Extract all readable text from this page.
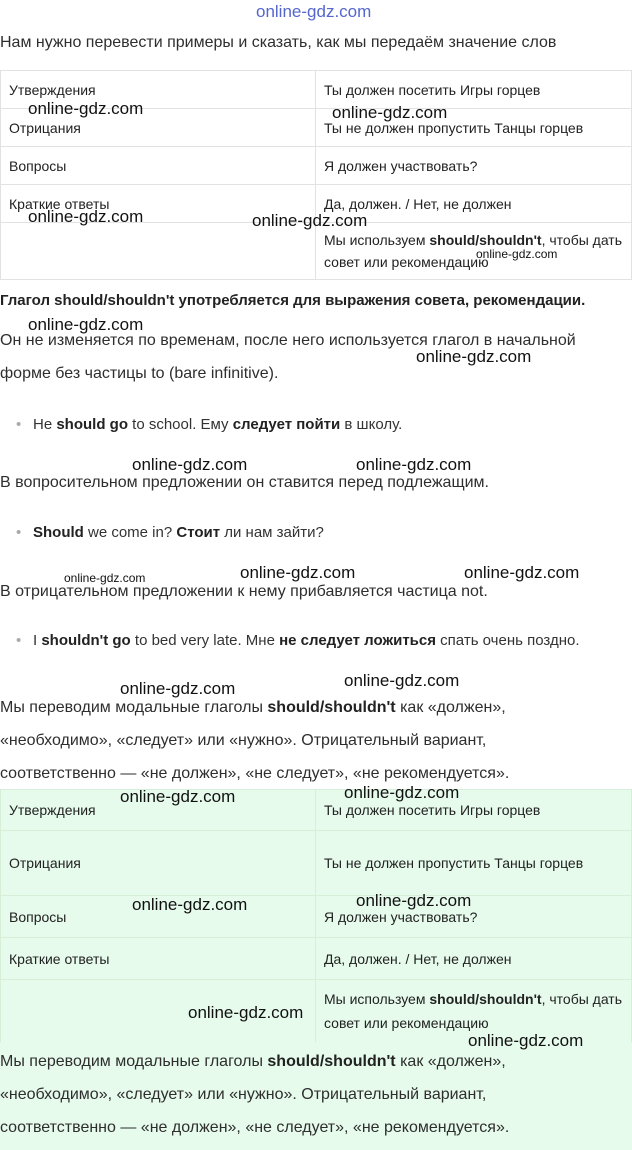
online-gdz.com
Нам нужно перевести примеры и сказать, как мы передаём значение слов
Утверждения	Ты должен посетить Игры горцев
Отрицания	Ты не должен пропустить Танцы горцев
Вопросы	Я должен участвовать?
Краткие ответы	Да, должен. / Нет, не должен
	Мы используем should/shouldn't, чтобы дать совет или рекомендацию
Глагол should/shouldn't употребляется для выражения совета, рекомендации.
Он не изменяется по временам, после него используется глагол в начальной форме без частицы to (bare infinitive).
• He should go to school. Ему следует пойти в школу.
В вопросительном предложении он ставится перед подлежащим.
• Should we come in? Стоит ли нам зайти?
В отрицательном предложении к нему прибавляется частица not.
• I shouldn't go to bed very late. Мне не следует ложиться спать очень поздно.
Мы переводим модальные глаголы should/shouldn't как «должен», «необходимо», «следует» или «нужно». Отрицательный вариант, соответственно — «не должен», «не следует», «не рекомендуется».
Утверждения	Ты должен посетить Игры горцев
Отрицания	Ты не должен пропустить Танцы горцев
Вопросы	Я должен участвовать?
Краткие ответы	Да, должен. / Нет, не должен
	Мы используем should/shouldn't, чтобы дать совет или рекомендацию
Мы переводим модальные глаголы should/shouldn't как «должен», «необходимо», «следует» или «нужно». Отрицательный вариант, соответственно — «не должен», «не следует», «не рекомендуется».
online-gdz.com	online-gdz.com
online-gdz.com	online-gdz.com
online-gdz.com
online-gdz.com
online-gdz.com
online-gdz.com	online-gdz.com
online-gdz.com	online-gdz.com	online-gdz.com
online-gdz.com	online-gdz.com
online-gdz.com	online-gdz.com
online-gdz.com	online-gdz.com
online-gdz.com
online-gdz.com
